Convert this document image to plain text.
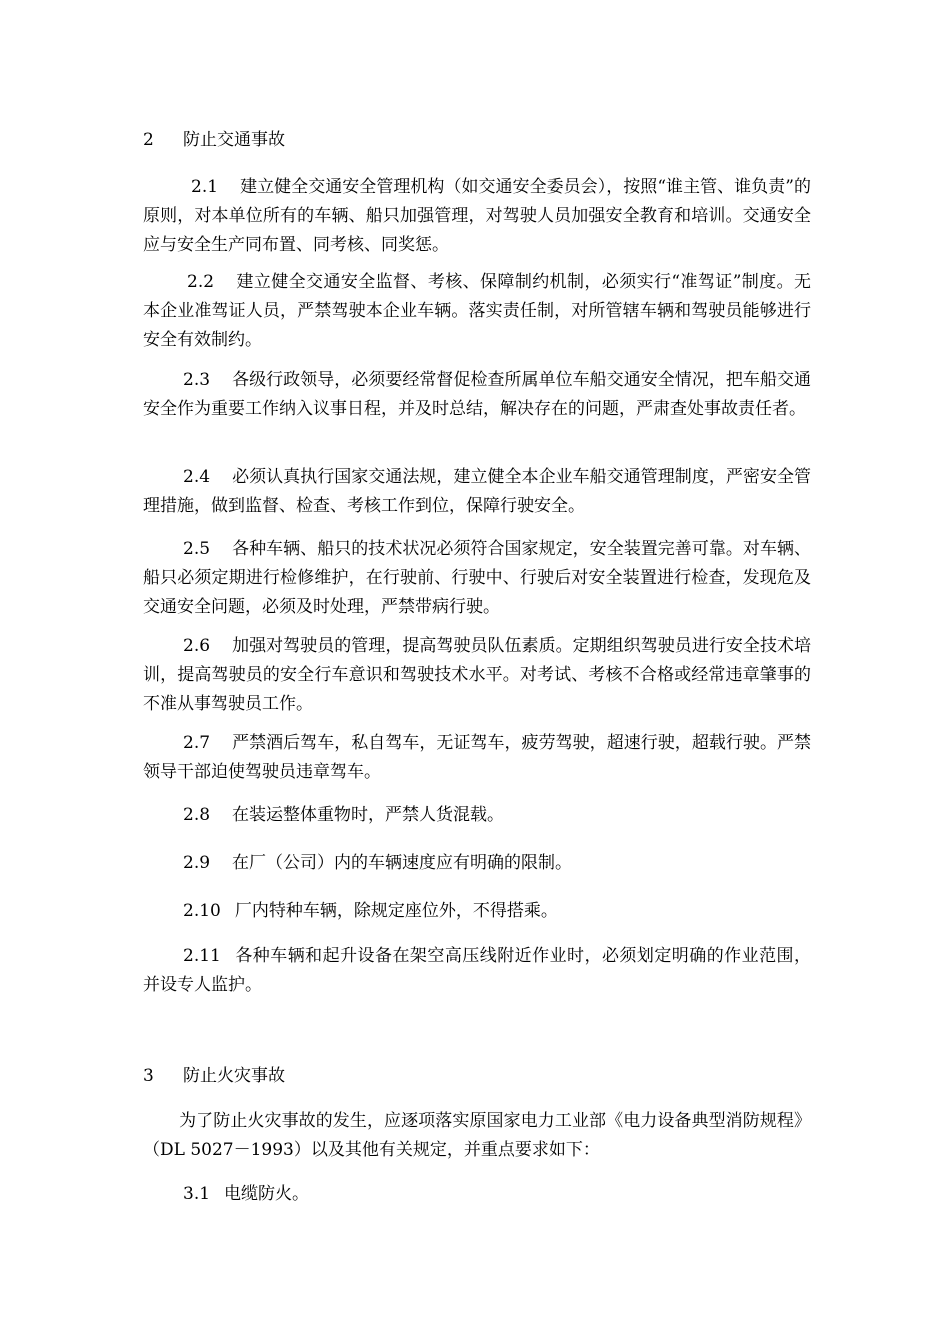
2 防止交通事故
2.1 建立健全交通安全管理机构（如交通安全委员会），按照“谁主管、谁负责”的原则，对本单位所有的车辆、船只加强管理，对驾驶人员加强安全教育和培训。交通安全应与安全生产同布置、同考核、同奖惩。
2.2 建立健全交通安全监督、考核、保障制约机制，必须实行“准驾证”制度。无本企业准驾证人员，严禁驾驶本企业车辆。落实责任制，对所管辖车辆和驾驶员能够进行安全有效制约。
2.3 各级行政领导，必须要经常督促检查所属单位车船交通安全情况，把车船交通安全作为重要工作纳入议事日程，并及时总结，解决存在的问题，严肃查处事故责任者。
2.4 必须认真执行国家交通法规，建立健全本企业车船交通管理制度，严密安全管理措施，做到监督、检查、考核工作到位，保障行驶安全。
2.5 各种车辆、船只的技术状况必须符合国家规定，安全装置完善可靠。对车辆、船只必须定期进行检修维护，在行驶前、行驶中、行驶后对安全装置进行检查，发现危及交通安全问题，必须及时处理，严禁带病行驶。
2.6 加强对驾驶员的管理，提高驾驶员队伍素质。定期组织驾驶员进行安全技术培训，提高驾驶员的安全行车意识和驾驶技术水平。对考试、考核不合格或经常违章肇事的不准从事驾驶员工作。
2.7 严禁酒后驾车，私自驾车，无证驾车，疲劳驾驶，超速行驶，超载行驶。严禁领导干部迫使驾驶员违章驾车。
2.8 在装运整体重物时，严禁人货混载。
2.9 在厂（公司）内的车辆速度应有明确的限制。
2.10 厂内特种车辆，除规定座位外，不得搭乘。
2.11 各种车辆和起升设备在架空高压线附近作业时，必须划定明确的作业范围，并设专人监护。
3 防止火灾事故
为了防止火灾事故的发生，应逐项落实原国家电力工业部《电力设备典型消防规程》（DL 5027－1993）以及其他有关规定，并重点要求如下：
3.1 电缆防火。
